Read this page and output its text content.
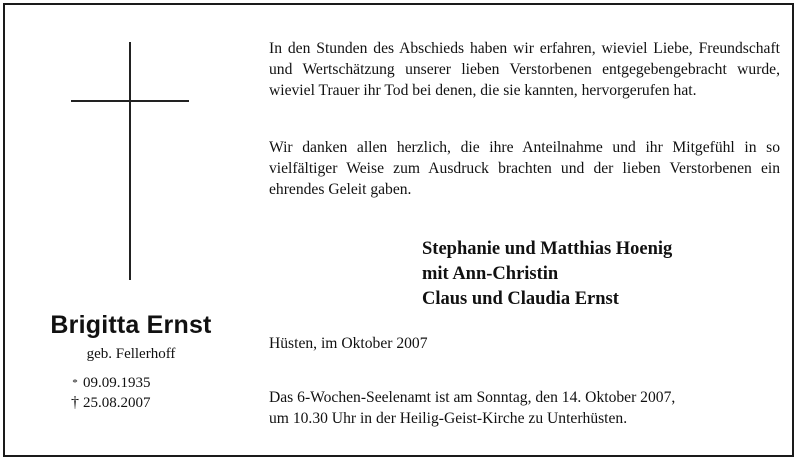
Brigitta Ernst
geb. Fellerhoff
* 09.09.1935
† 25.08.2007
In den Stunden des Abschieds haben wir erfahren, wieviel Liebe, Freundschaft und Wertschätzung unserer lieben Verstorbenen entgegebengebracht wurde, wieviel Trauer ihr Tod bei denen, die sie kannten, hervorgerufen hat.
Wir danken allen herzlich, die ihre Anteilnahme und ihr Mitgefühl in so vielfältiger Weise zum Ausdruck brachten und der lieben Verstorbenen ein ehrendes Geleit gaben.
Stephanie und Matthias Hoenig
mit Ann-Christin
Claus und Claudia Ernst
Hüsten, im Oktober 2007
Das 6-Wochen-Seelenamt ist am Sonntag, den 14. Oktober 2007,
um 10.30 Uhr in der Heilig-Geist-Kirche zu Unterhüsten.
